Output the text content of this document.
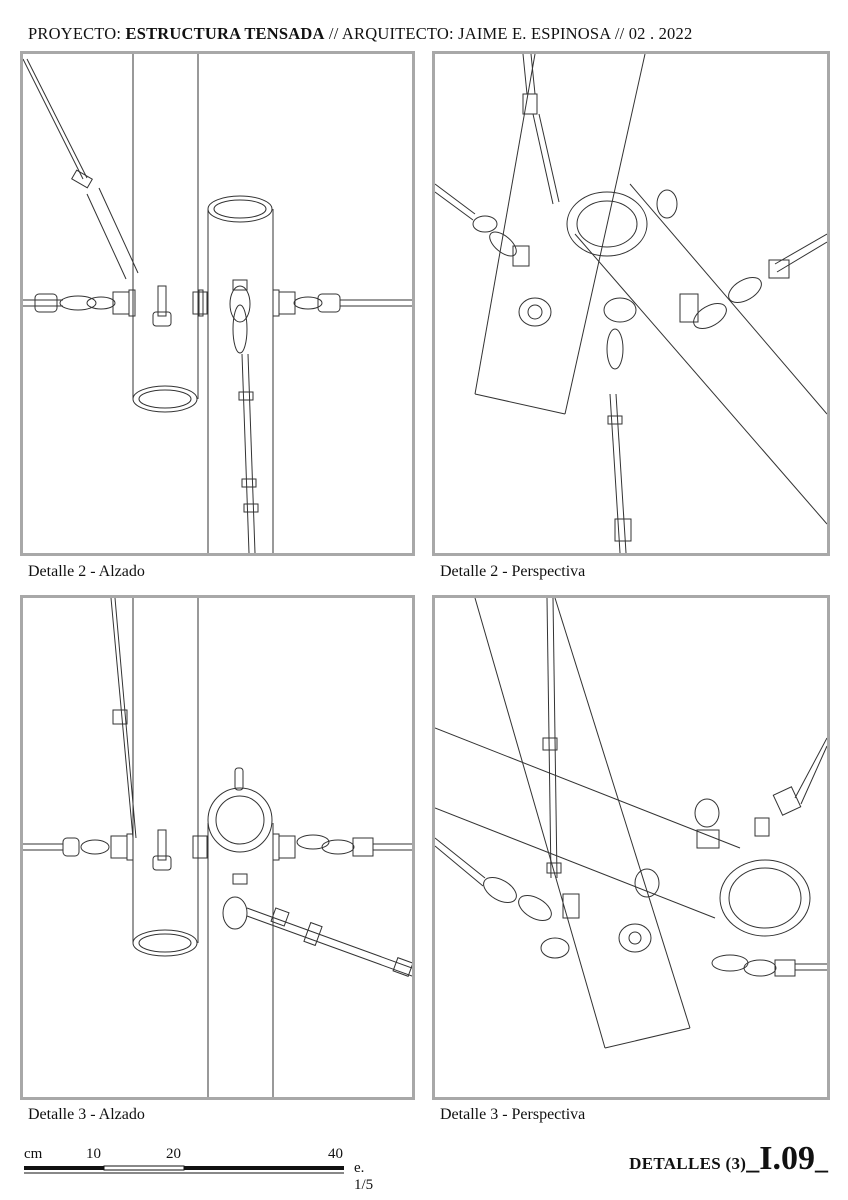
PROYECTO: ESTRUCTURA TENSADA // ARQUITECTO: JAIME E. ESPINOSA // 02 . 2022
Detalle 2 - Alzado	Detalle 2 - Perspectiva
Detalle 3 - Alzado	Detalle 3 - Perspectiva
cm	10	20	40
e. 1/5
DETALLES (3)_I.09_
